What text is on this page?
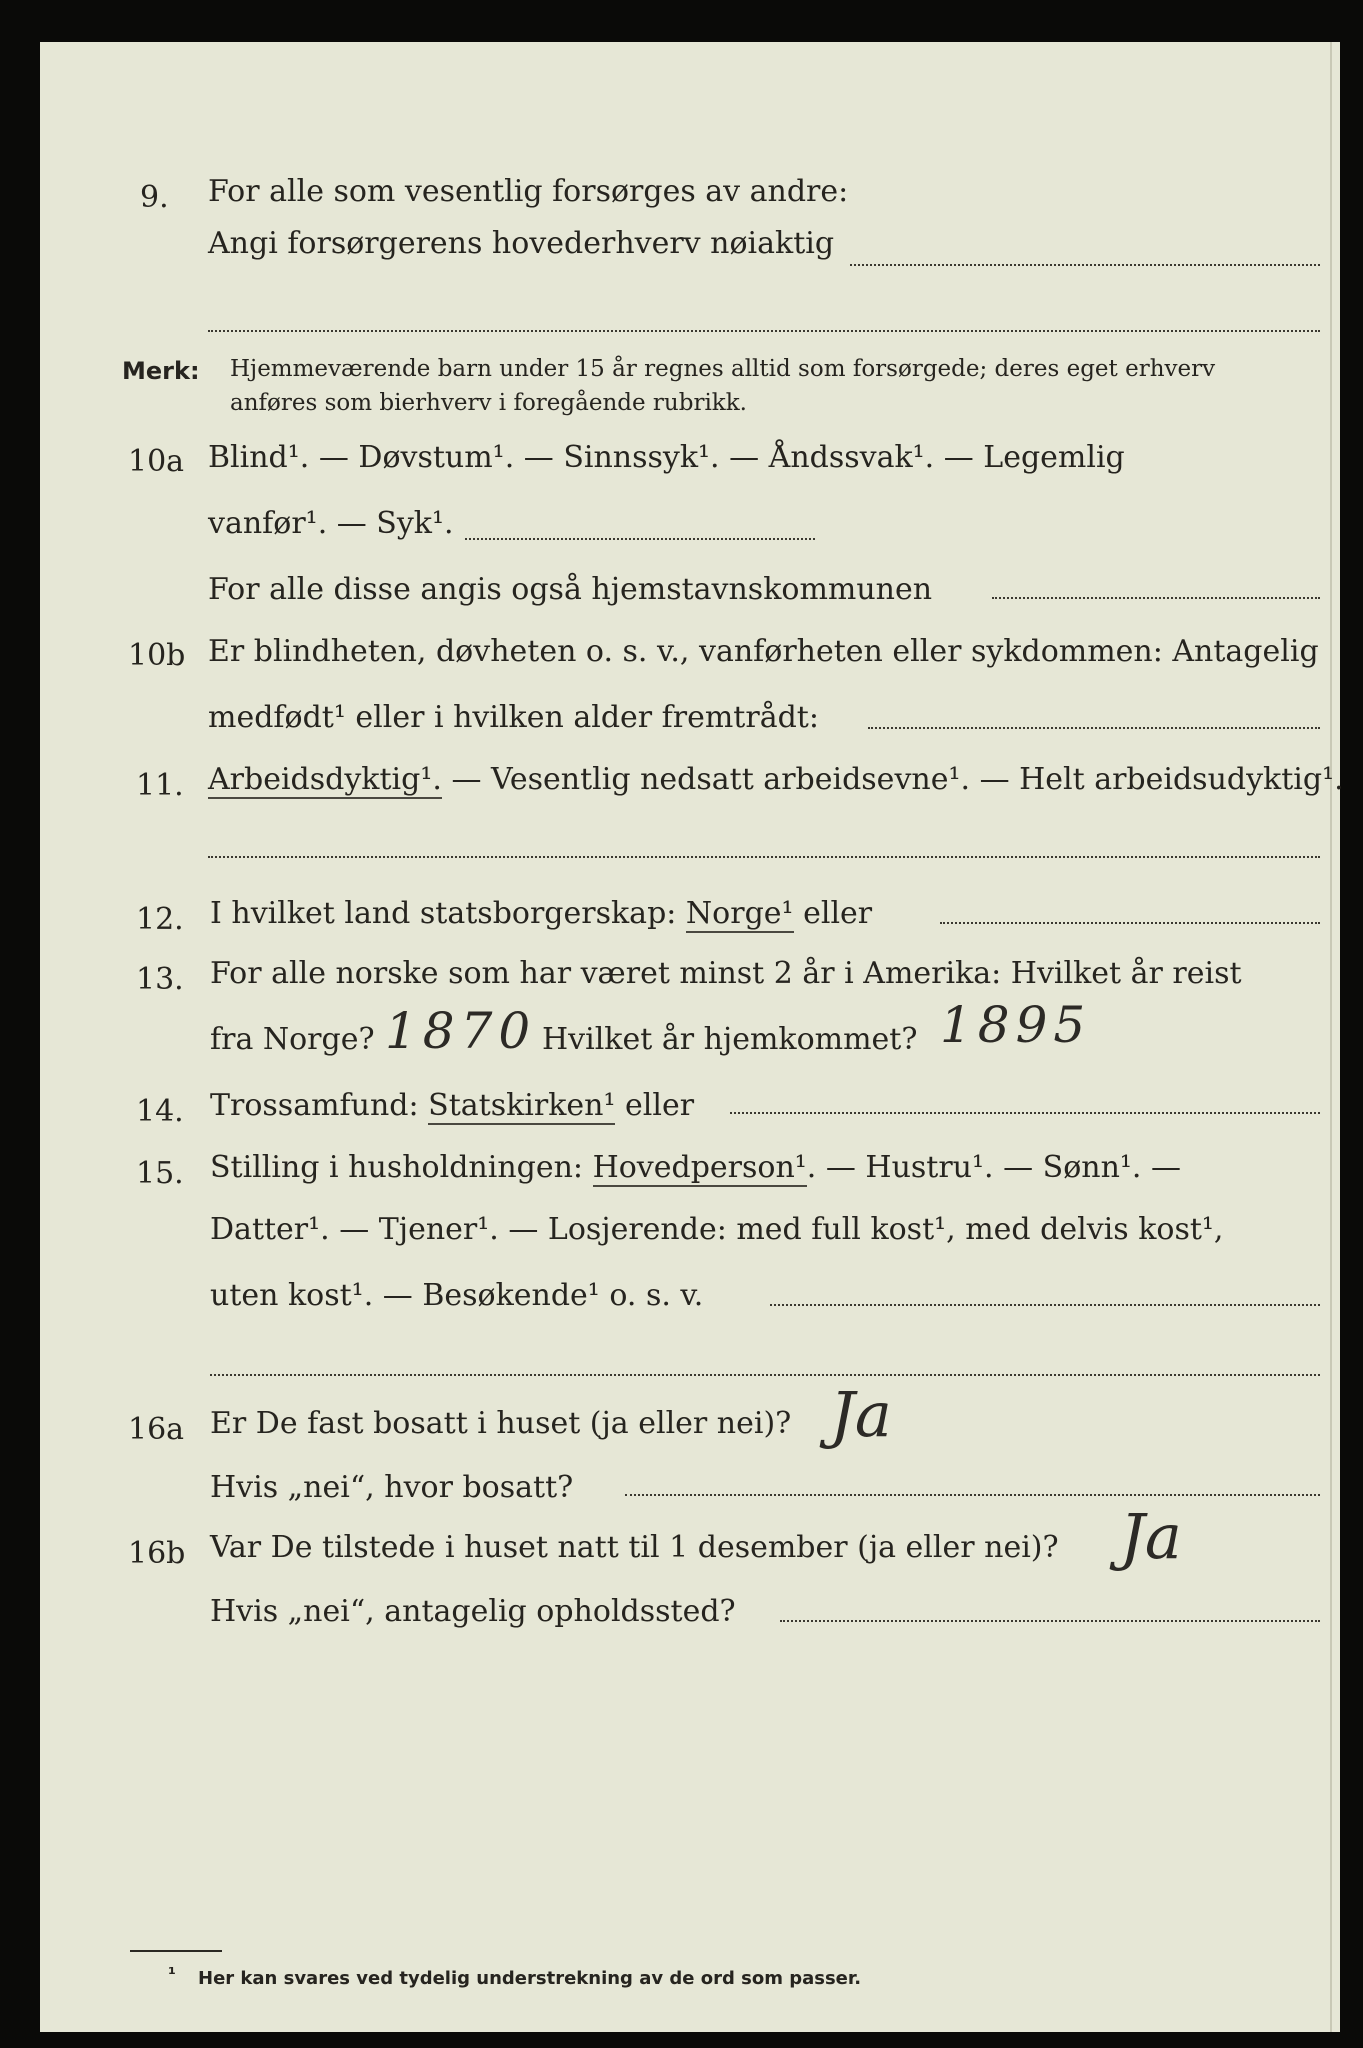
9. For alle som vesentlig forsørges av andre:
Angi forsørgerens hovederhverv nøiaktig
Merk: Hjemmeværende barn under 15 år regnes alltid som forsørgede; deres eget erhverv
anføres som bierhverv i foregående rubrikk.
10a Blind¹. — Døvstum¹. — Sinnssyk¹. — Åndssvak¹. — Legemlig
vanfør¹. — Syk¹.
For alle disse angis også hjemstavnskommunen
10b Er blindheten, døvheten o. s. v., vanførheten eller sykdommen: Antagelig
medfødt¹ eller i hvilken alder fremtrådt:
11. Arbeidsdyktig¹. — Vesentlig nedsatt arbeidsevne¹. — Helt arbeidsudyktig¹.
12. I hvilket land statsborgerskap: Norge¹ eller
13. For alle norske som har været minst 2 år i Amerika: Hvilket år reist
fra Norge? 1870 Hvilket år hjemkommet? 1895
14. Trossamfund: Statskirken¹ eller
15. Stilling i husholdningen: Hovedperson¹. — Hustru¹. — Sønn¹. —
Datter¹. — Tjener¹. — Losjerende: med full kost¹, med delvis kost¹,
uten kost¹. — Besøkende¹ o. s. v.
16a Er De fast bosatt i huset (ja eller nei)? Ja
Hvis „nei“, hvor bosatt?
16b Var De tilstede i huset natt til 1 desember (ja eller nei)? Ja
Hvis „nei“, antagelig opholdssted?
¹ Her kan svares ved tydelig understrekning av de ord som passer.
